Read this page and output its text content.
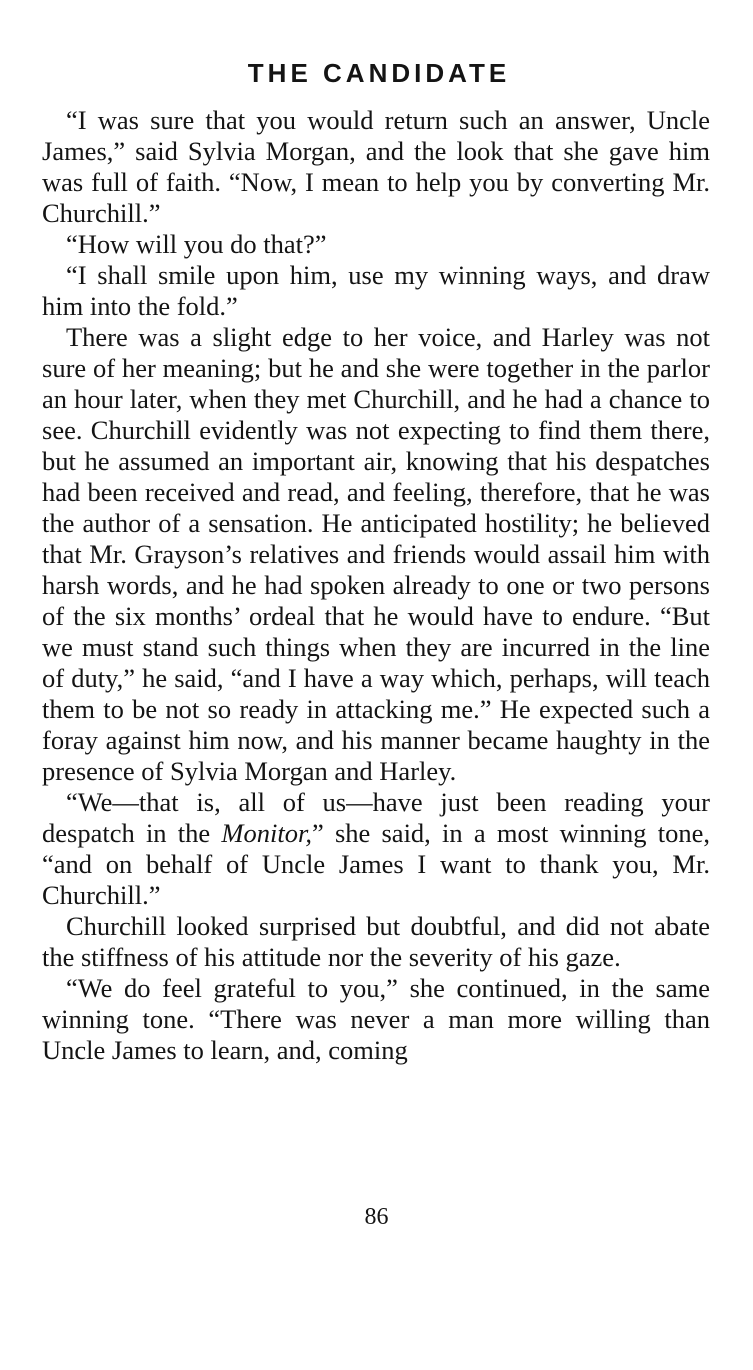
THE CANDIDATE

“I was sure that you would return such an answer, Uncle James,” said Sylvia Morgan, and the look that she gave him was full of faith. “Now, I mean to help you by converting Mr. Churchill.”

“How will you do that?”

“I shall smile upon him, use my winning ways, and draw him into the fold.”

There was a slight edge to her voice, and Harley was not sure of her meaning; but he and she were together in the parlor an hour later, when they met Churchill, and he had a chance to see. Churchill evidently was not expecting to find them there, but he assumed an important air, knowing that his despatches had been received and read, and feeling, therefore, that he was the author of a sensation. He anticipated hostility; he believed that Mr. Grayson’s relatives and friends would assail him with harsh words, and he had spoken already to one or two persons of the six months’ ordeal that he would have to endure. “But we must stand such things when they are incurred in the line of duty,” he said, “and I have a way which, perhaps, will teach them to be not so ready in attacking me.” He expected such a foray against him now, and his manner became haughty in the presence of Sylvia Morgan and Harley.

“We—that is, all of us—have just been reading your despatch in the Monitor,” she said, in a most winning tone, “and on behalf of Uncle James I want to thank you, Mr. Churchill.”

Churchill looked surprised but doubtful, and did not abate the stiffness of his attitude nor the severity of his gaze.

“We do feel grateful to you,” she continued, in the same winning tone. “There was never a man more willing than Uncle James to learn, and, coming

86
